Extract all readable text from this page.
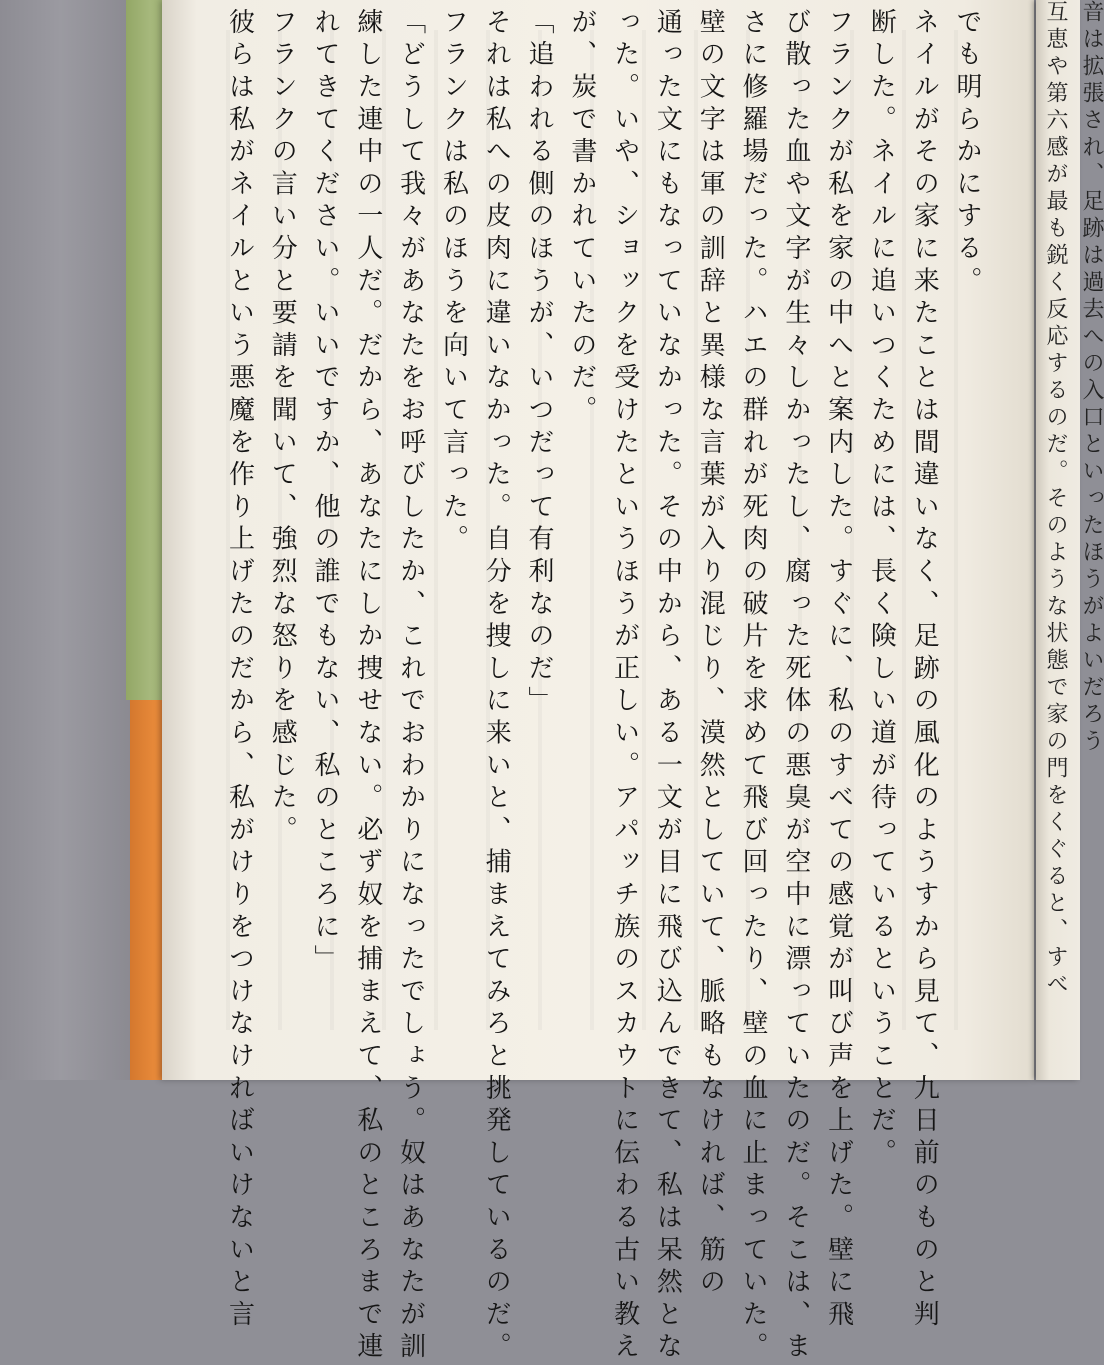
でも明らかにする。
ネイルがその家に来たことは間違いなく、足跡の風化のようすから見て、九日前のものと判
断した。ネイルに追いつくためには、長く険しい道が待っているということだ。
フランクが私を家の中へと案内した。すぐに、私のすべての感覚が叫び声を上げた。壁に飛
び散った血や文字が生々しかったし、腐った死体の悪臭が空中に漂っていたのだ。そこは、ま
さに修羅場だった。ハエの群れが死肉の破片を求めて飛び回ったり、壁の血に止まっていた。
壁の文字は軍の訓辞と異様な言葉が入り混じり、漠然としていて、脈略もなければ、筋の
通った文にもなっていなかった。その中から、ある一文が目に飛び込んできて、私は呆然とな
った。いや、ショックを受けたというほうが正しい。アパッチ族のスカウトに伝わる古い教え
が、炭で書かれていたのだ。
「追われる側のほうが、いつだって有利なのだ」
それは私への皮肉に違いなかった。自分を捜しに来いと、捕まえてみろと挑発しているのだ。
フランクは私のほうを向いて言った。
「どうして我々があなたをお呼びしたか、これでおわかりになったでしょう。奴はあなたが訓
練した連中の一人だ。だから、あなたにしか捜せない。必ず奴を捕まえて、私のところまで連
れてきてください。いいですか、他の誰でもない、私のところに」
フランクの言い分と要請を聞いて、強烈な怒りを感じた。
彼らは私がネイルという悪魔を作り上げたのだから、私がけりをつけなければいけないと言	音は拡張され、足跡は過去への入口といったほうがよいだろう
互恵や第六感が最も鋭く反応するのだ。そのような状態で家の門をくぐると、すべ
